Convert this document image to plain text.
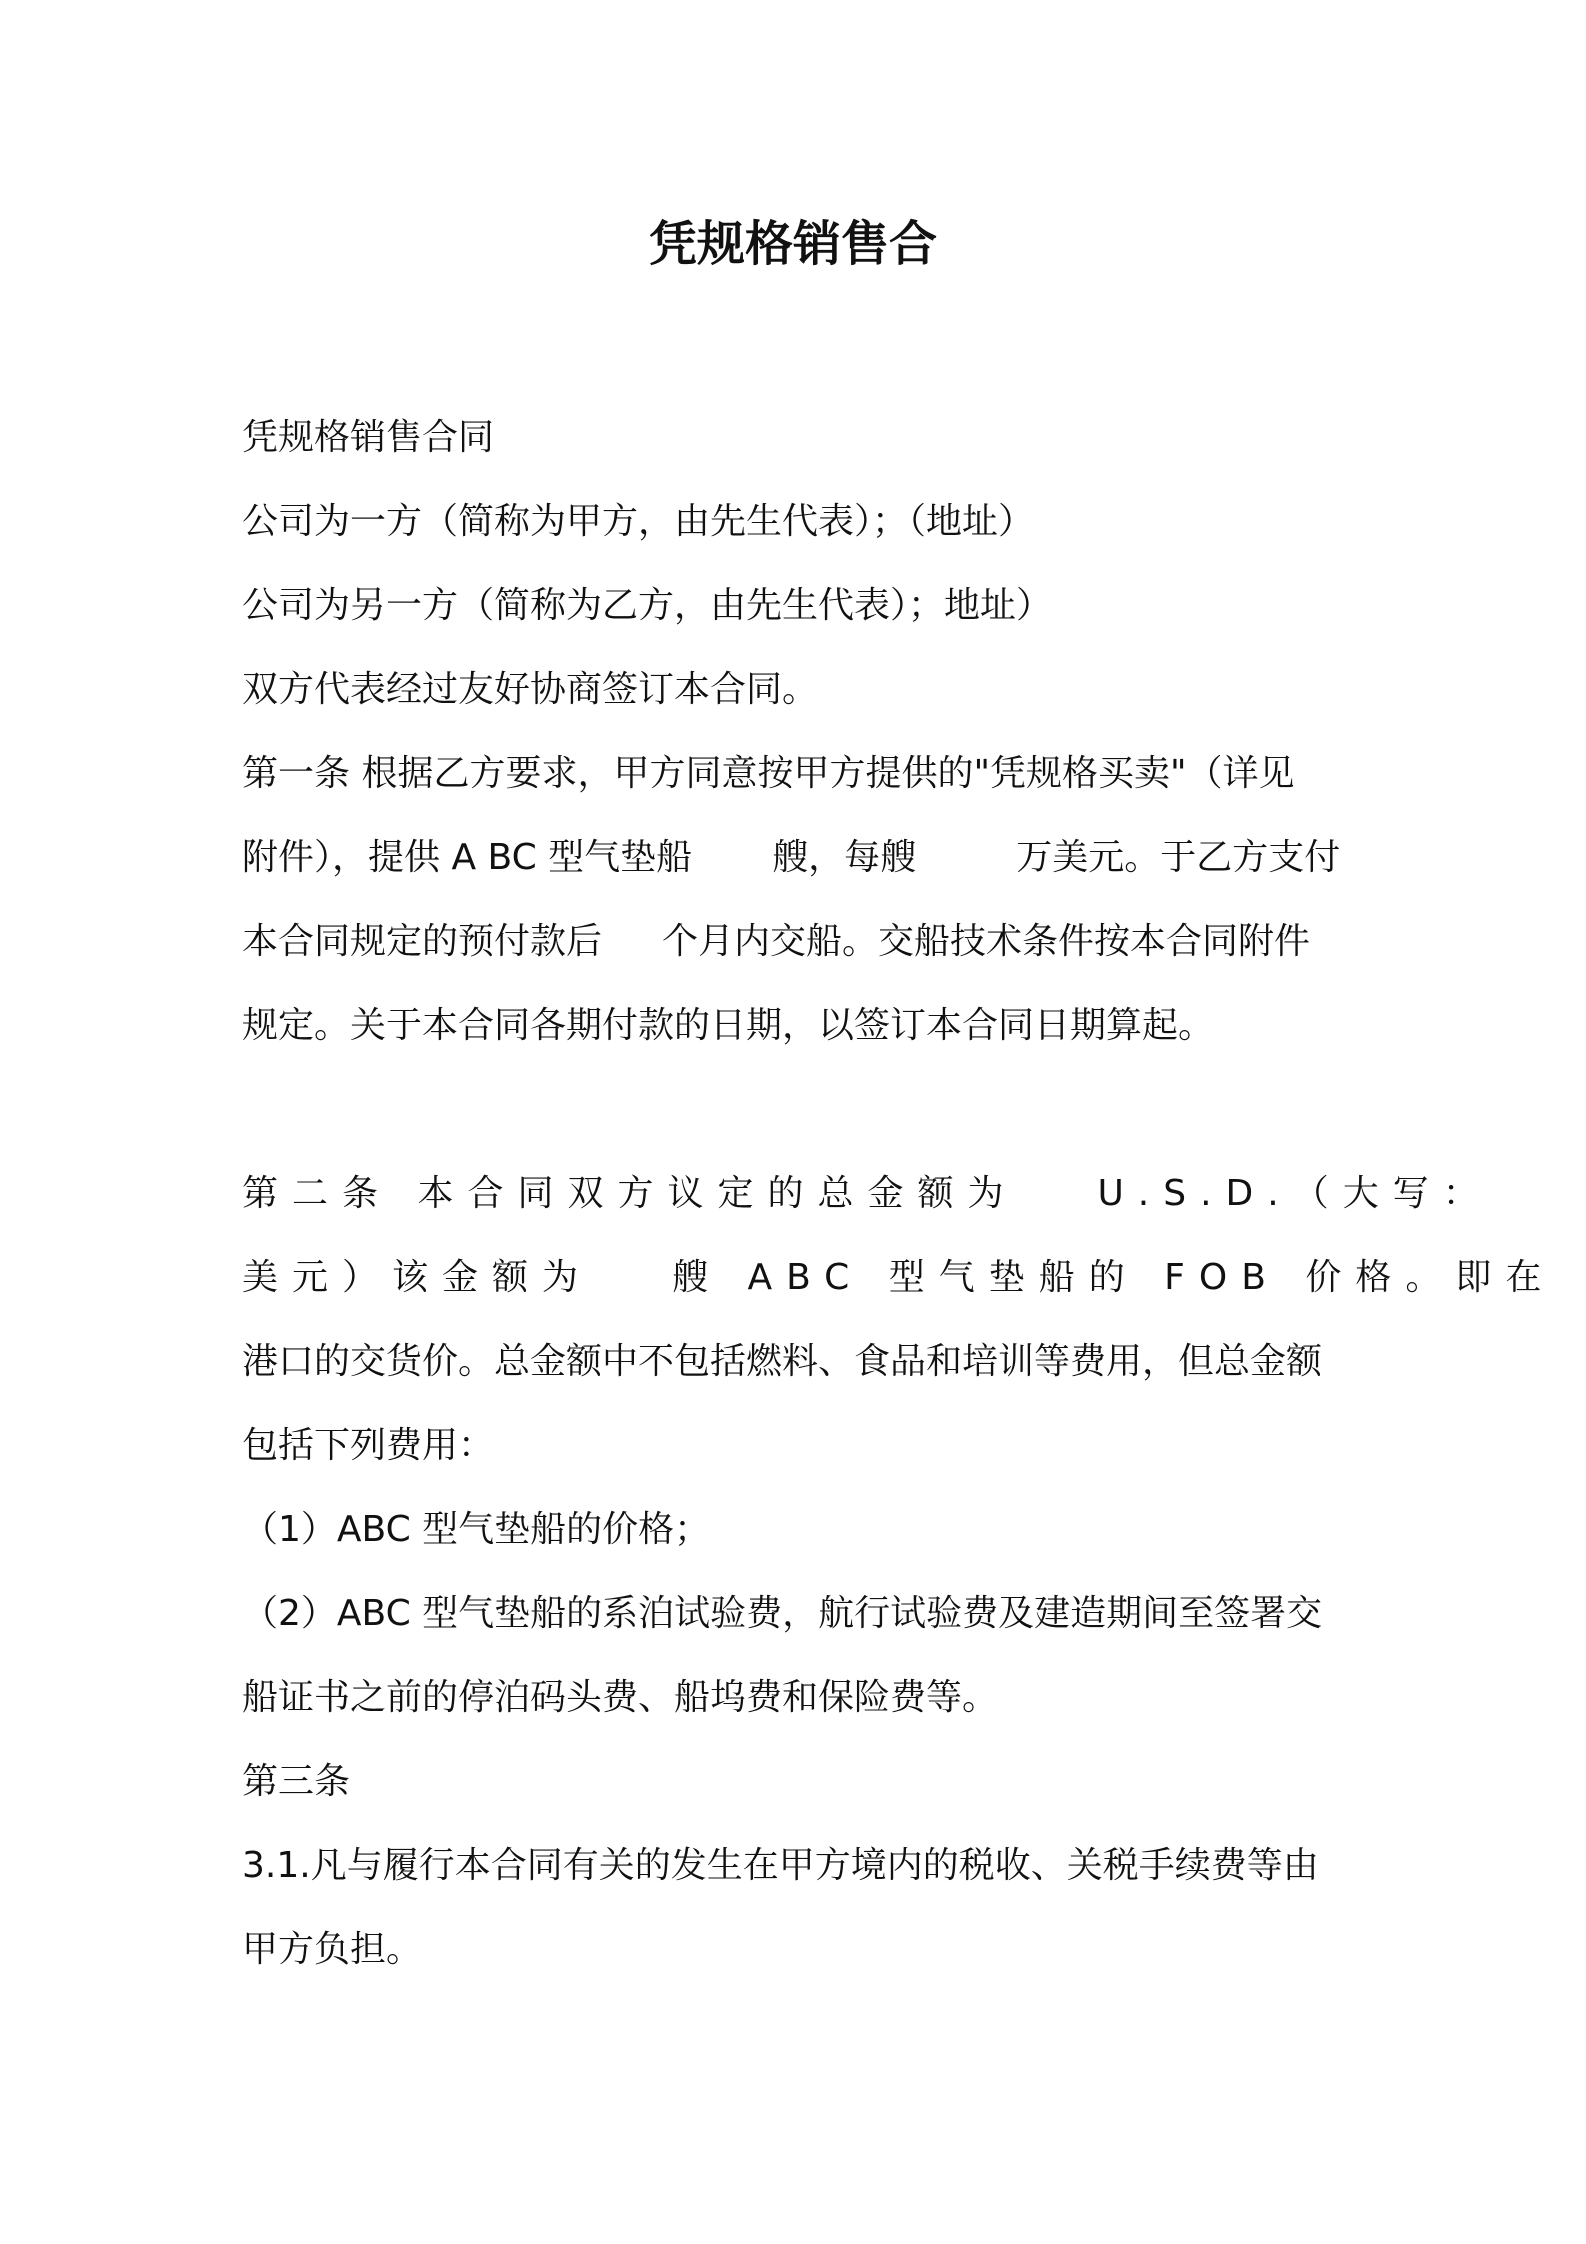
凭规格销售合
凭规格销售合同
公司为一方（简称为甲方，由先生代表）；（地址）
公司为另一方（简称为乙方，由先生代表）；地址）
双方代表经过友好协商签订本合同。
第一条 根据乙方要求，甲方同意按甲方提供的"凭规格买卖"（详见
附件），提供 A BC 型气垫船 艘，每艘	万美元。于乙方支付
本合同规定的预付款后 个月内交船。交船技术条件按本合同附件
规定。关于本合同各期付款的日期，以签订本合同日期算起。
第二条 本合同双方议定的总金额为 U.S.D.（大写：
美元）该金额为 艘 ABC 型气垫船的 FOB 价格。即在
港口的交货价。总金额中不包括燃料、食品和培训等费用，但总金额
包括下列费用：
（1）ABC 型气垫船的价格；
（2）ABC 型气垫船的系泊试验费，航行试验费及建造期间至签署交
船证书之前的停泊码头费、船坞费和保险费等。
第三条
3.1.凡与履行本合同有关的发生在甲方境内的税收、关税手续费等由
甲方负担。
